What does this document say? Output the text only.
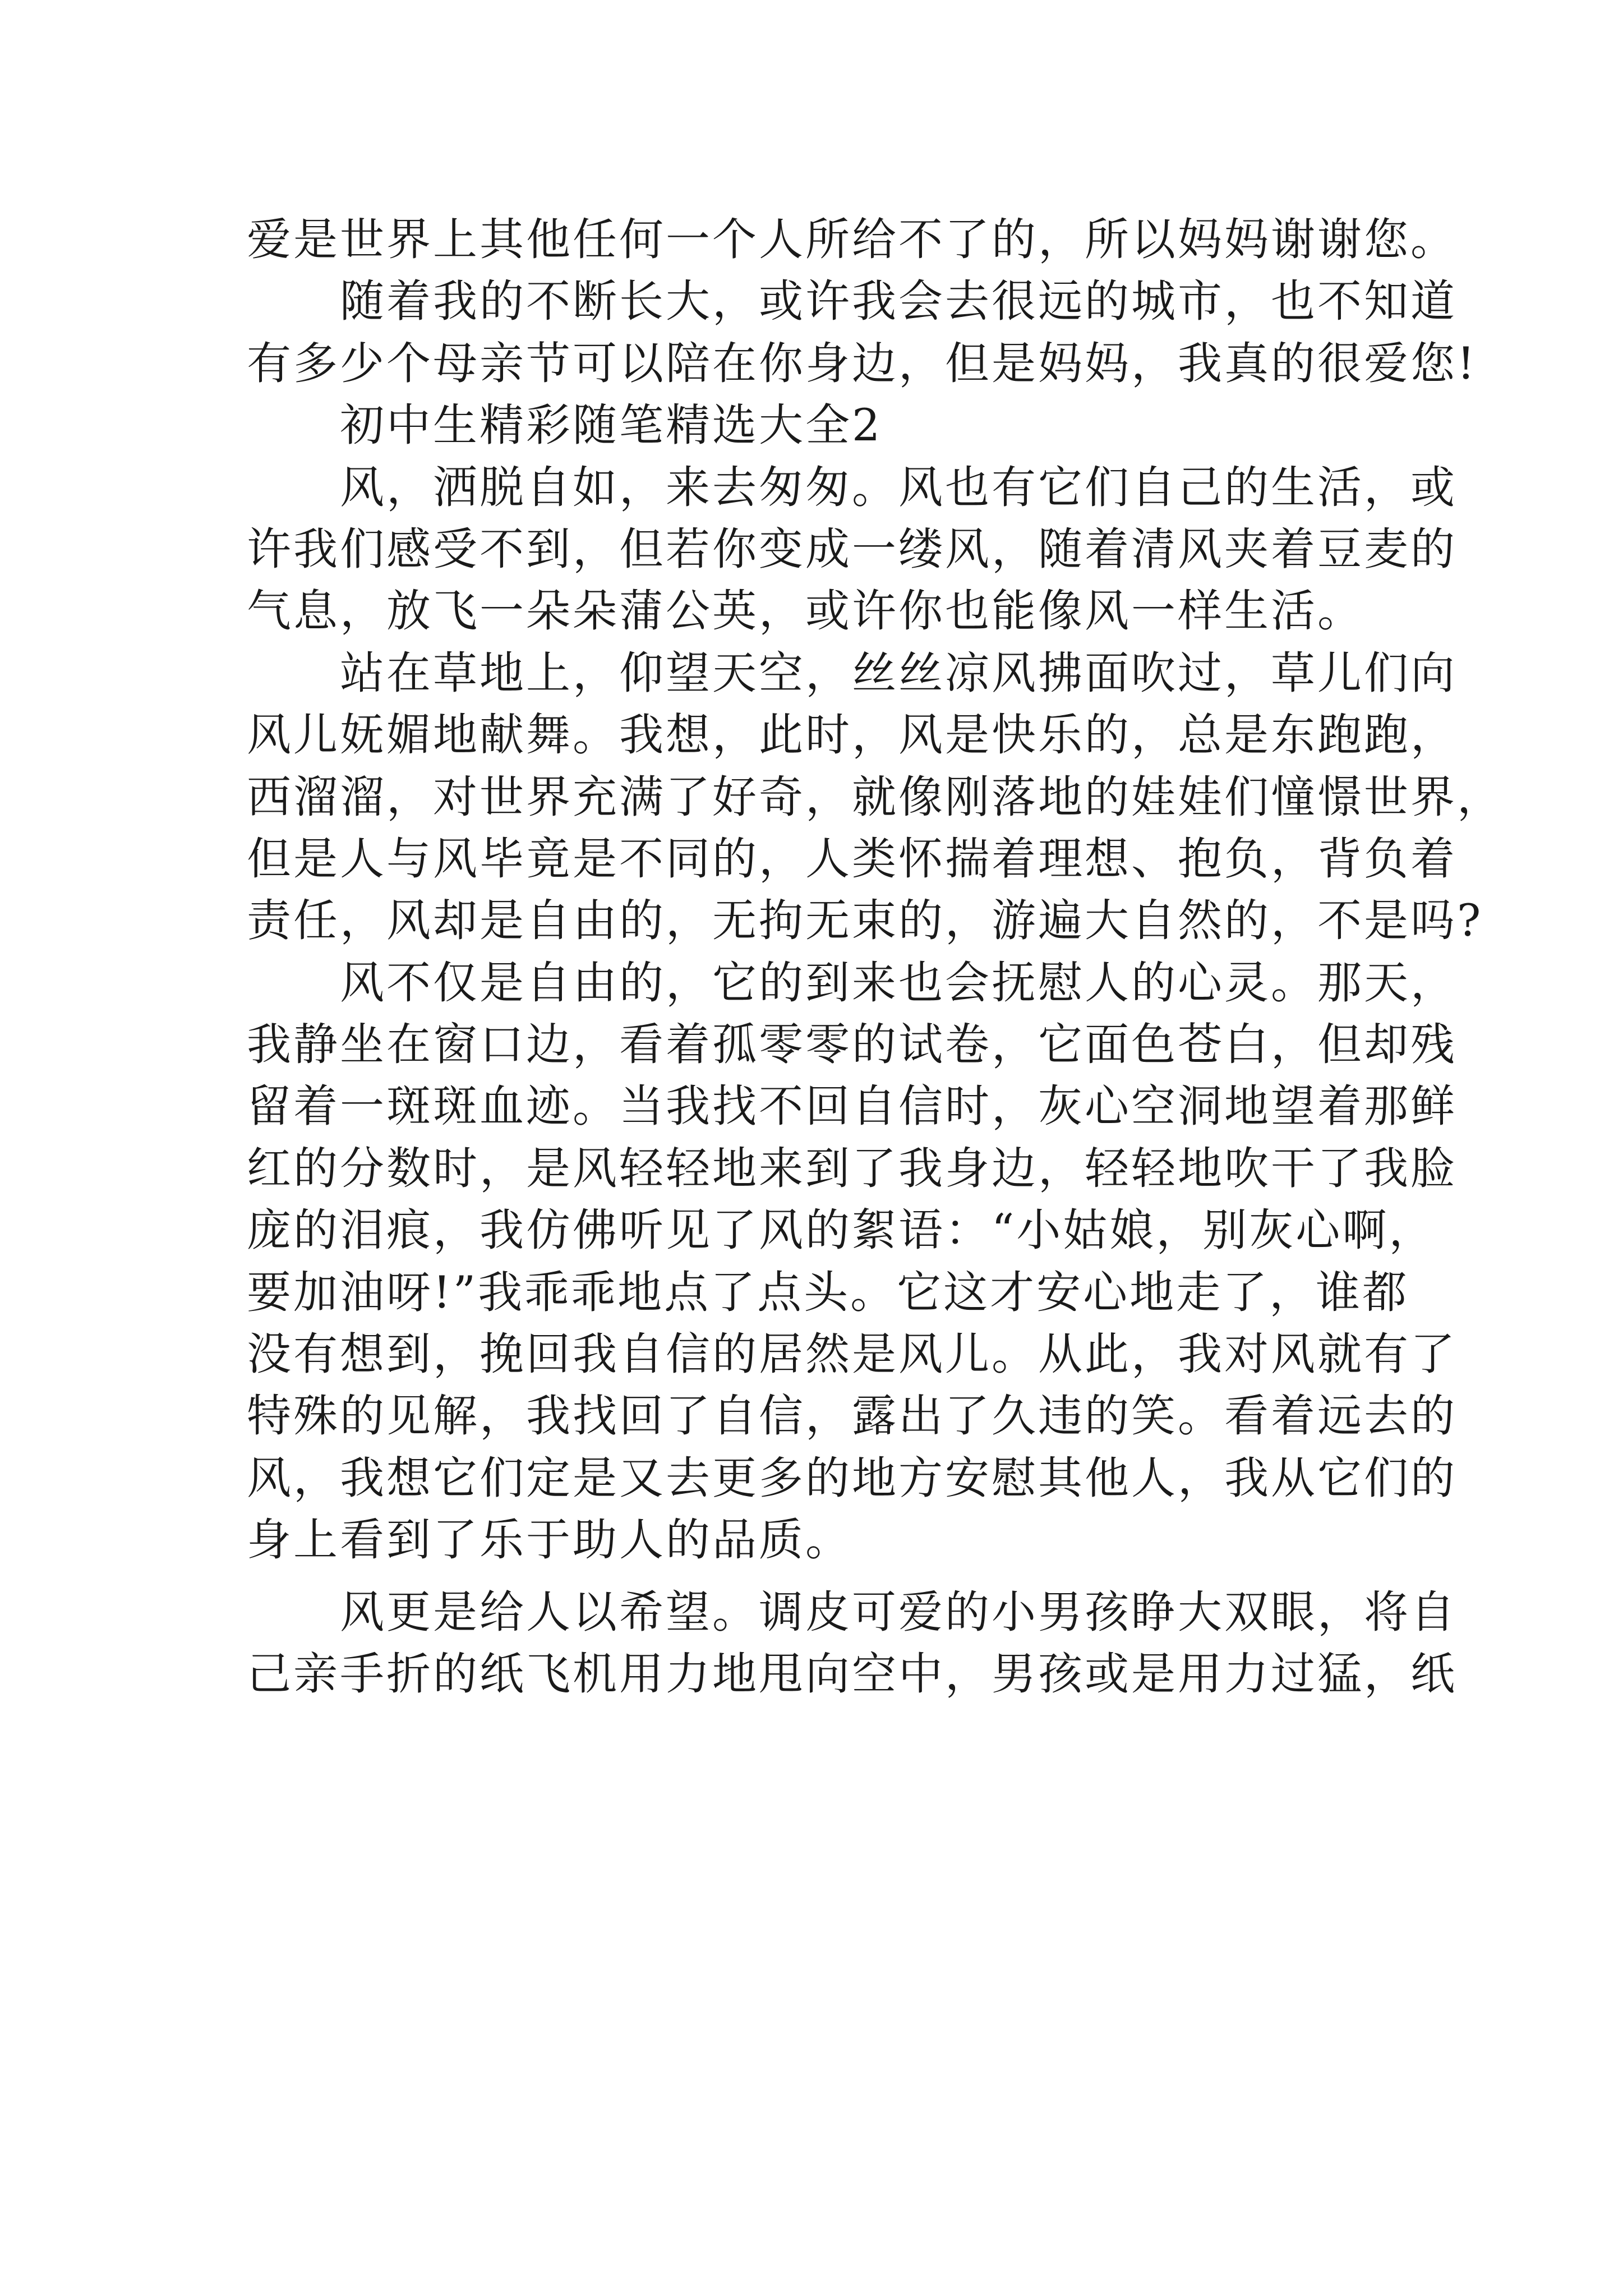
爱是世界上其他任何一个人所给不了的，所以妈妈谢谢您。
随着我的不断长大，或许我会去很远的城市，也不知道
有多少个母亲节可以陪在你身边，但是妈妈，我真的很爱您!
初中生精彩随笔精选大全2
风，洒脱自如，来去匆匆。风也有它们自己的生活，或
许我们感受不到，但若你变成一缕风，随着清风夹着豆麦的
气息，放飞一朵朵蒲公英，或许你也能像风一样生活。
站在草地上，仰望天空，丝丝凉风拂面吹过，草儿们向
风儿妩媚地献舞。我想，此时，风是快乐的，总是东跑跑，
西溜溜，对世界充满了好奇，就像刚落地的娃娃们憧憬世界，
但是人与风毕竟是不同的，人类怀揣着理想、抱负，背负着
责任，风却是自由的，无拘无束的，游遍大自然的，不是吗?
风不仅是自由的，它的到来也会抚慰人的心灵。那天，
我静坐在窗口边，看着孤零零的试卷，它面色苍白，但却残
留着一斑斑血迹。当我找不回自信时，灰心空洞地望着那鲜
红的分数时，是风轻轻地来到了我身边，轻轻地吹干了我脸
庞的泪痕，我仿佛听见了风的絮语：“小姑娘，别灰心啊，
要加油呀!”我乖乖地点了点头。它这才安心地走了，谁都
没有想到，挽回我自信的居然是风儿。从此，我对风就有了
特殊的见解，我找回了自信，露出了久违的笑。看着远去的
风，我想它们定是又去更多的地方安慰其他人，我从它们的
身上看到了乐于助人的品质。
风更是给人以希望。调皮可爱的小男孩睁大双眼，将自
己亲手折的纸飞机用力地甩向空中，男孩或是用力过猛，纸
